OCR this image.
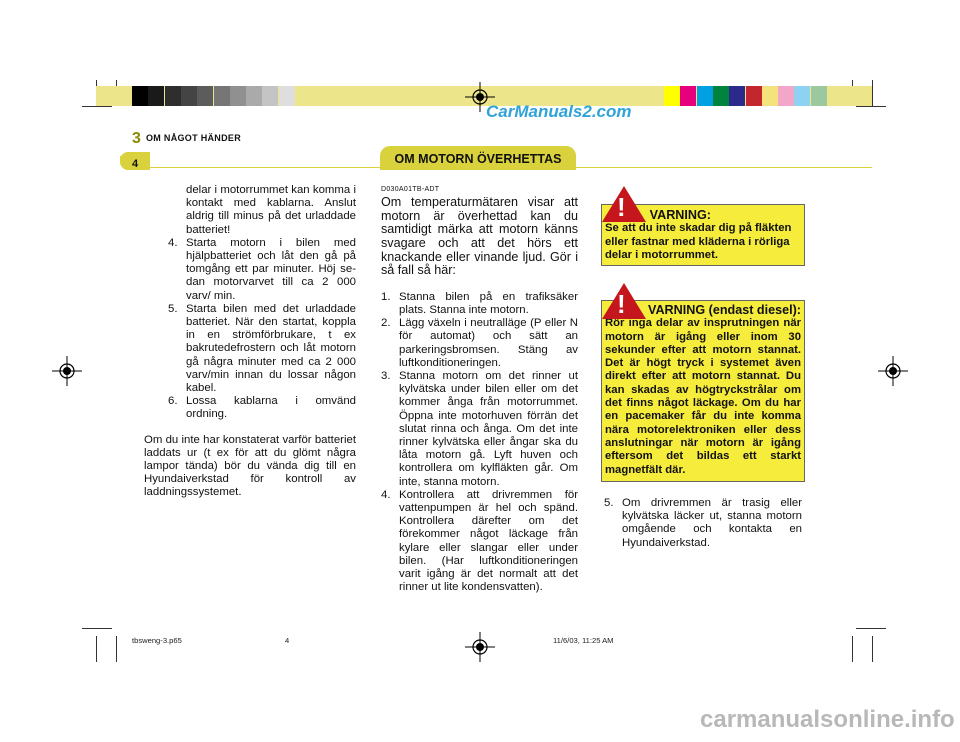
CarManuals2.com
3 OM NÅGOT HÄNDER
4	OM MOTORN ÖVERHETTAS

delar i motorrummet kan komma i kontakt med kablarna. Anslut aldrig till minus på det urladdade batteriet!

4. Starta motorn i bilen med hjälpbatteriet och låt den gå på tomgång ett par minuter. Höj se-dan motorvarvet till ca 2 000 varv/ min.
5. Starta bilen med det urladdade batteriet. När den startat, koppla in en strömförbrukare, t ex bakrutedefrostern och låt motorn gå några minuter med ca 2 000 varv/min innan du lossar någon kabel.
6. Lossa kablarna i omvänd ordning.

Om du inte har konstaterat varför batteriet laddats ur (t ex för att du glömt några lampor tända) bör du vända dig till en Hyundaiverkstad för kontroll av laddningssystemet.

D030A01TB-ADT

Om temperaturmätaren visar att motorn är överhettad kan du samtidigt märka att motorn känns svagare och att det hörs ett knackande eller vinande ljud. Gör i så fall så här:

1. Stanna bilen på en trafiksäker plats. Stanna inte motorn.
2. Lägg växeln i neutralläge (P eller N för automat) och sätt an parkeringsbromsen. Stäng av luftkonditioneringen.
3. Stanna motorn om det rinner ut kylvätska under bilen eller om det kommer ånga från motorrummet. Öppna inte motorhuven förrän det slutat rinna och ånga. Om det inte rinner kylvätska eller ångar ska du låta motorn gå. Lyft huven och kontrollera om kylfläkten går. Om inte, stanna motorn.
4. Kontrollera att drivremmen för vattenpumpen är hel och spänd. Kontrollera därefter om det förekommer något läckage från kylare eller slangar eller under bilen. (Har luftkonditioneringen varit igång är det normalt att det rinner ut lite kondensvatten).
VARNING:
Se att du inte skadar dig på fläkten eller fastnar med kläderna i rörliga delar i motorrummet.
!
VARNING (endast diesel):
Rör inga delar av insprutningen när motorn är igång eller inom 30 sekunder efter att motorn stannat. Det är högt tryck i systemet även direkt efter att motorn stannat. Du kan skadas av högtryckstrålar om det finns något läckage. Om du har en pacemaker får du inte komma nära motorelektroniken eller dess anslutningar när motorn är igång eftersom det bildas ett starkt magnetfält där.
!
5. Om drivremmen är trasig eller kylvätska läcker ut, stanna motorn omgående och kontakta en Hyundaiverkstad.
tbsweng-3.p65	4	11/6/03, 11:25 AM
carmanualsonline.info
